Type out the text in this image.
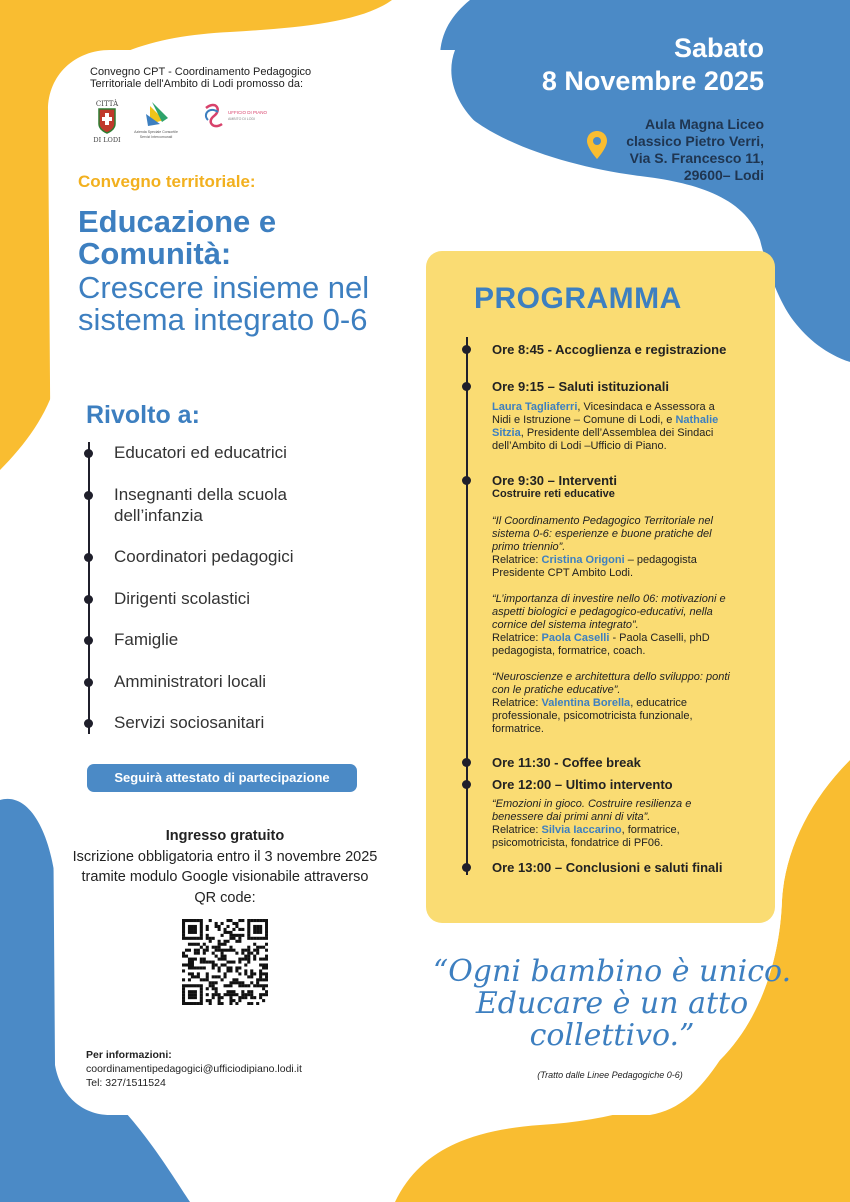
Convegno CPT - Coordinamento Pedagogico Territoriale dell'Ambito di Lodi promosso da:
CITTÀ
DI LODI
Azienda Speciale Consortile
Servizi Intercomunali
UFFICIO DI PIANO
AMBITO DI LODI
Sabato
8 Novembre 2025
Aula Magna Liceo
classico Pietro Verri,
Via S. Francesco 11,
29600– Lodi
Convegno territoriale:
Educazione e Comunità:
Crescere insieme nel sistema integrato 0-6
Rivolto a:
Educatori ed educatrici
Insegnanti della scuola dell’infanzia
Coordinatori pedagogici
Dirigenti scolastici
Famiglie
Amministratori locali
Servizi sociosanitari
Seguirà attestato di partecipazione
Ingresso gratuito
Iscrizione obbligatoria entro il 3 novembre 2025 tramite modulo Google visionabile attraverso QR code:
Per informazioni:
coordinamentipedagogici@ufficiodipiano.lodi.it
Tel: 327/1511524
PROGRAMMA
Ore 8:45 - Accoglienza e registrazione
Ore 9:15 – Saluti istituzionali
Laura Tagliaferri, Vicesindaca e Assessora a Nidi e Istruzione – Comune di Lodi, e Nathalie Sitzia, Presidente dell’Assemblea dei Sindaci dell’Ambito di Lodi –Ufficio di Piano.
Ore 9:30 – Interventi
Costruire reti educative
“Il Coordinamento Pedagogico Territoriale nel sistema 0-6: esperienze e buone pratiche del primo triennio”.
Relatrice: Cristina Origoni – pedagogista Presidente CPT Ambito Lodi.
“L’importanza di investire nello 06: motivazioni e aspetti biologici e pedagogico-educativi, nella cornice del sistema integrato”.
Relatrice: Paola Caselli - Paola Caselli, phD pedagogista, formatrice, coach.
“Neuroscienze e architettura dello sviluppo: ponti con le pratiche educative”.
Relatrice: Valentina Borella, educatrice professionale, psicomotricista funzionale, formatrice.
Ore 11:30 - Coffee break
Ore 12:00 – Ultimo intervento
“Emozioni in gioco. Costruire resilienza e benessere dai primi anni di vita”.
Relatrice: Silvia Iaccarino, formatrice, psicomotricista, fondatrice di PF06.
Ore 13:00 – Conclusioni e saluti finali
“Ogni bambino è unico. Educare è un atto collettivo.”
(Tratto dalle Linee Pedagogiche 0-6)
